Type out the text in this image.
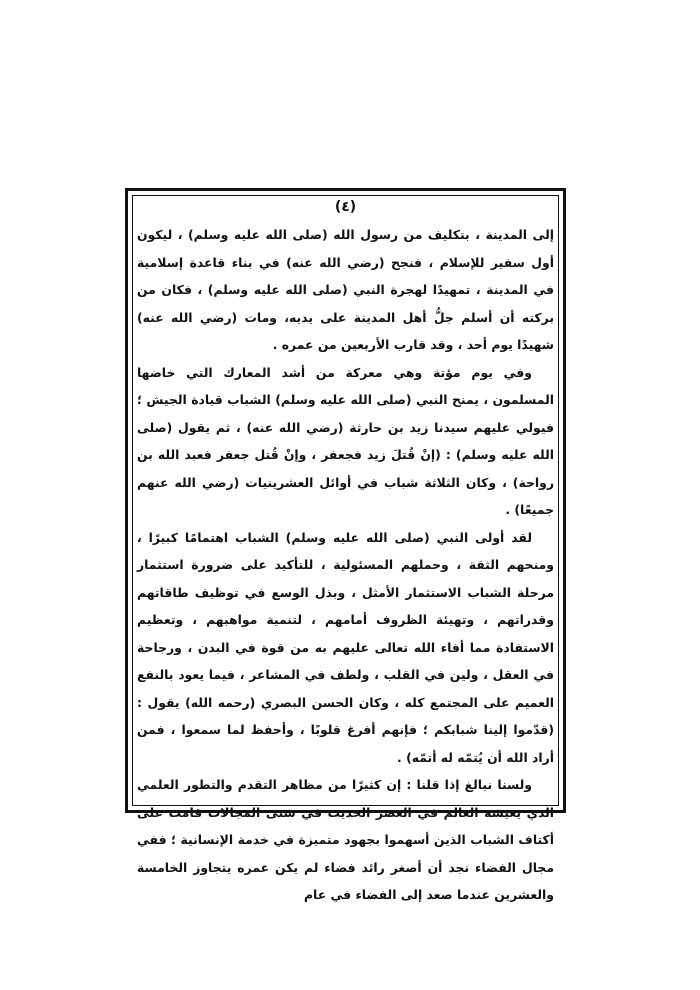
(٤)

إلى المدينة ، بتكليف من رسول الله (صلى الله عليه وسلم) ، ليكون أول سفير للإسلام ، فنجح (رضي الله عنه) في بناء قاعدة إسلامية في المدينة ، تمهيدًا لهجرة النبي (صلى الله عليه وسلم) ، فكان من بركته أن أسلم جلُّ أهل المدينة على يديه، ومات (رضي الله عنه) شهيدًا يوم أحد ، وقد قارب الأربعين من عمره .

وفي يوم مؤتة وهي معركة من أشد المعارك التي خاضها المسلمون ، يمنح النبي (صلى الله عليه وسلم) الشباب قيادة الجيش ؛ فيولي عليهم سيدنا زيد بن حارثة (رضي الله عنه) ، ثم يقول (صلى الله عليه وسلم) : (إنْ قُتلَ زيد فجعفر ، وإنْ قُتل جعفر فعبد الله بن رواحة) ، وكان الثلاثة شباب في أوائل العشرينيات (رضي الله عنهم جميعًا) .

لقد أولى النبي (صلى الله عليه وسلم) الشباب اهتمامًا كبيرًا ، ومنحهم الثقة ، وحملهم المسئولية ، للتأكيد على ضرورة استثمار مرحلة الشباب الاستثمار الأمثل ، وبذل الوسع في توظيف طاقاتهم وقدراتهم ، وتهيئة الظروف أمامهم ، لتنمية مواهبهم ، وتعظيم الاستفادة مما أفاء الله تعالى عليهم به من قوة في البدن ، ورجاحة في العقل ، ولين في القلب ، ولطف في المشاعر ، فيما يعود بالنفع العميم على المجتمع كله ، وكان الحسن البصري (رحمه الله) يقول : (قدّموا إلينا شبابكم ؛ فإنهم أفرغ قلوبًا ، وأحفظ لما سمعوا ، فمن أراد الله أن يُتمّه له أتمّه) .

ولسنا نبالغ إذا قلنا : إن كثيرًا من مظاهر التقدم والتطور العلمي الذي يعيشه العالم في العصر الحديث في شتى المجالات قامت على أكتاف الشباب الذين أسهموا بجهود متميزة في خدمة الإنسانية ؛ ففي مجال الفضاء نجد أن أصغر رائد فضاء لم يكن عمره يتجاوز الخامسة والعشرين عندما صعد إلى الفضاء في عام
